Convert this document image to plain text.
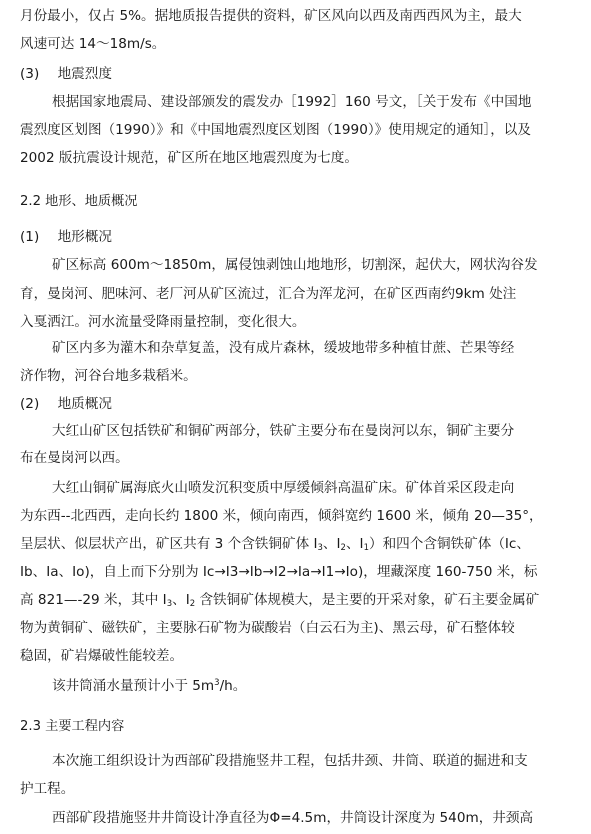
月份最小，仅占 5%。据地质报告提供的资料，矿区风向以西及南西西风为主，最大
风速可达 14～18m/s。
(3) 地震烈度
根据国家地震局、建设部颁发的震发办［1992］160 号文，［关于发布《中国地
震烈度区划图（1990）》和《中国地震烈度区划图（1990）》使用规定的通知］，以及
2002 版抗震设计规范，矿区所在地区地震烈度为七度。
2.2 地形、地质概况
(1) 地形概况
矿区标高 600m～1850m，属侵蚀剥蚀山地地形，切割深，起伏大，网状沟谷发
育，曼岗河、肥味河、老厂河从矿区流过，汇合为浑龙河，在矿区西南约9km 处注
入戛洒江。河水流量受降雨量控制，变化很大。
矿区内多为灌木和杂草复盖，没有成片森林，缓坡地带多种植甘蔗、芒果等经
济作物，河谷台地多栽稻米。
(2) 地质概况
大红山矿区包括铁矿和铜矿两部分，铁矿主要分布在曼岗河以东，铜矿主要分
布在曼岗河以西。
大红山铜矿属海底火山喷发沉积变质中厚缓倾斜高温矿床。矿体首采区段走向
为东西--北西西，走向长约 1800 米，倾向南西，倾斜宽约 1600 米，倾角 20—35°，
呈层状、似层状产出，矿区共有 3 个含铁铜矿体 $I_3$、$I_2$、$I_1$）和四个含铜铁矿体（Ic、
Ib、Ia、Io)，自上而下分别为 Ic→I3→Ib→I2→Ia→I1→Io)，埋藏深度 160-750 米，标
高 821—-29 米，其中 $I_3$、$I_2$ 含铁铜矿体规模大，是主要的开采对象，矿石主要金属矿
物为黄铜矿、磁铁矿，主要脉石矿物为碳酸岩（白云石为主)、黑云母，矿石整体较
稳固，矿岩爆破性能较差。
该井筒涌水量预计小于 $5m^3/h$。
2.3 主要工程内容
本次施工组织设计为西部矿段措施竖井工程，包括井颈、井筒、联道的掘进和支
护工程。
西部矿段措施竖井井筒设计净直径为Φ=4.5m，井筒设计深度为 540m，井颈高
